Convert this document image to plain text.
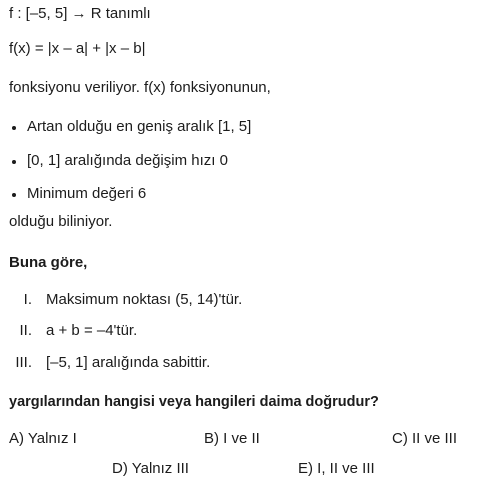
f : [–5, 5] → R tanımlı
f(x) = |x – a| + |x – b|
fonksiyonu veriliyor. f(x) fonksiyonunun,
Artan olduğu en geniş aralık [1, 5]
[0, 1] aralığında değişim hızı 0
Minimum değeri 6
olduğu biliniyor.
Buna göre,
I. Maksimum noktası (5, 14)'tür.
II. a + b = –4'tür.
III. [–5, 1] aralığında sabittir.
yargılarından hangisi veya hangileri daima doğrudur?
A) Yalnız I	B) I ve II	C) II ve III
D) Yalnız III	E) I, II ve III
